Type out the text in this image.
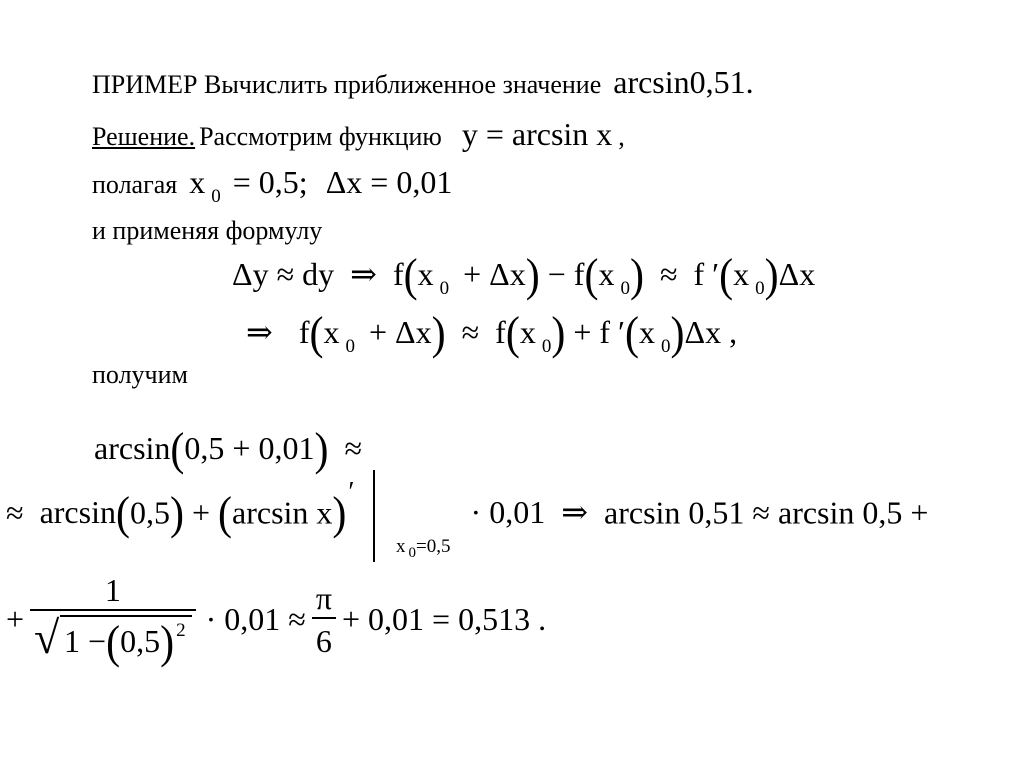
ПРИМЕР Вычислить приближенное значение arcsin0,51.
Решение. Рассмотрим функцию y = arcsin x ,
полагая x 0 = 0,5; Δx = 0,01
и применяя формулу
Δy ≈ dy ⇒ f(x $_0$ + Δx) − f(x $_0$) ≈ f ′(x $_0$)Δx
⇒ f(x $_0$ + Δx) ≈ f(x $_0$) + f ′(x $_0$)Δx ,
получим
arcsin(0,5 + 0,01) ≈
≈ arcsin(0,5) + (arcsin x)′  · 0,01 ⇒ arcsin 0,51 ≈ arcsin 0,5 +
x $_0$=0,5
+ $\frac{1}{√ 1 -(0,5) ^2} \cdot 0,01 \approx \frac{\pi}{6} + 0,01 = 0,513$ .
